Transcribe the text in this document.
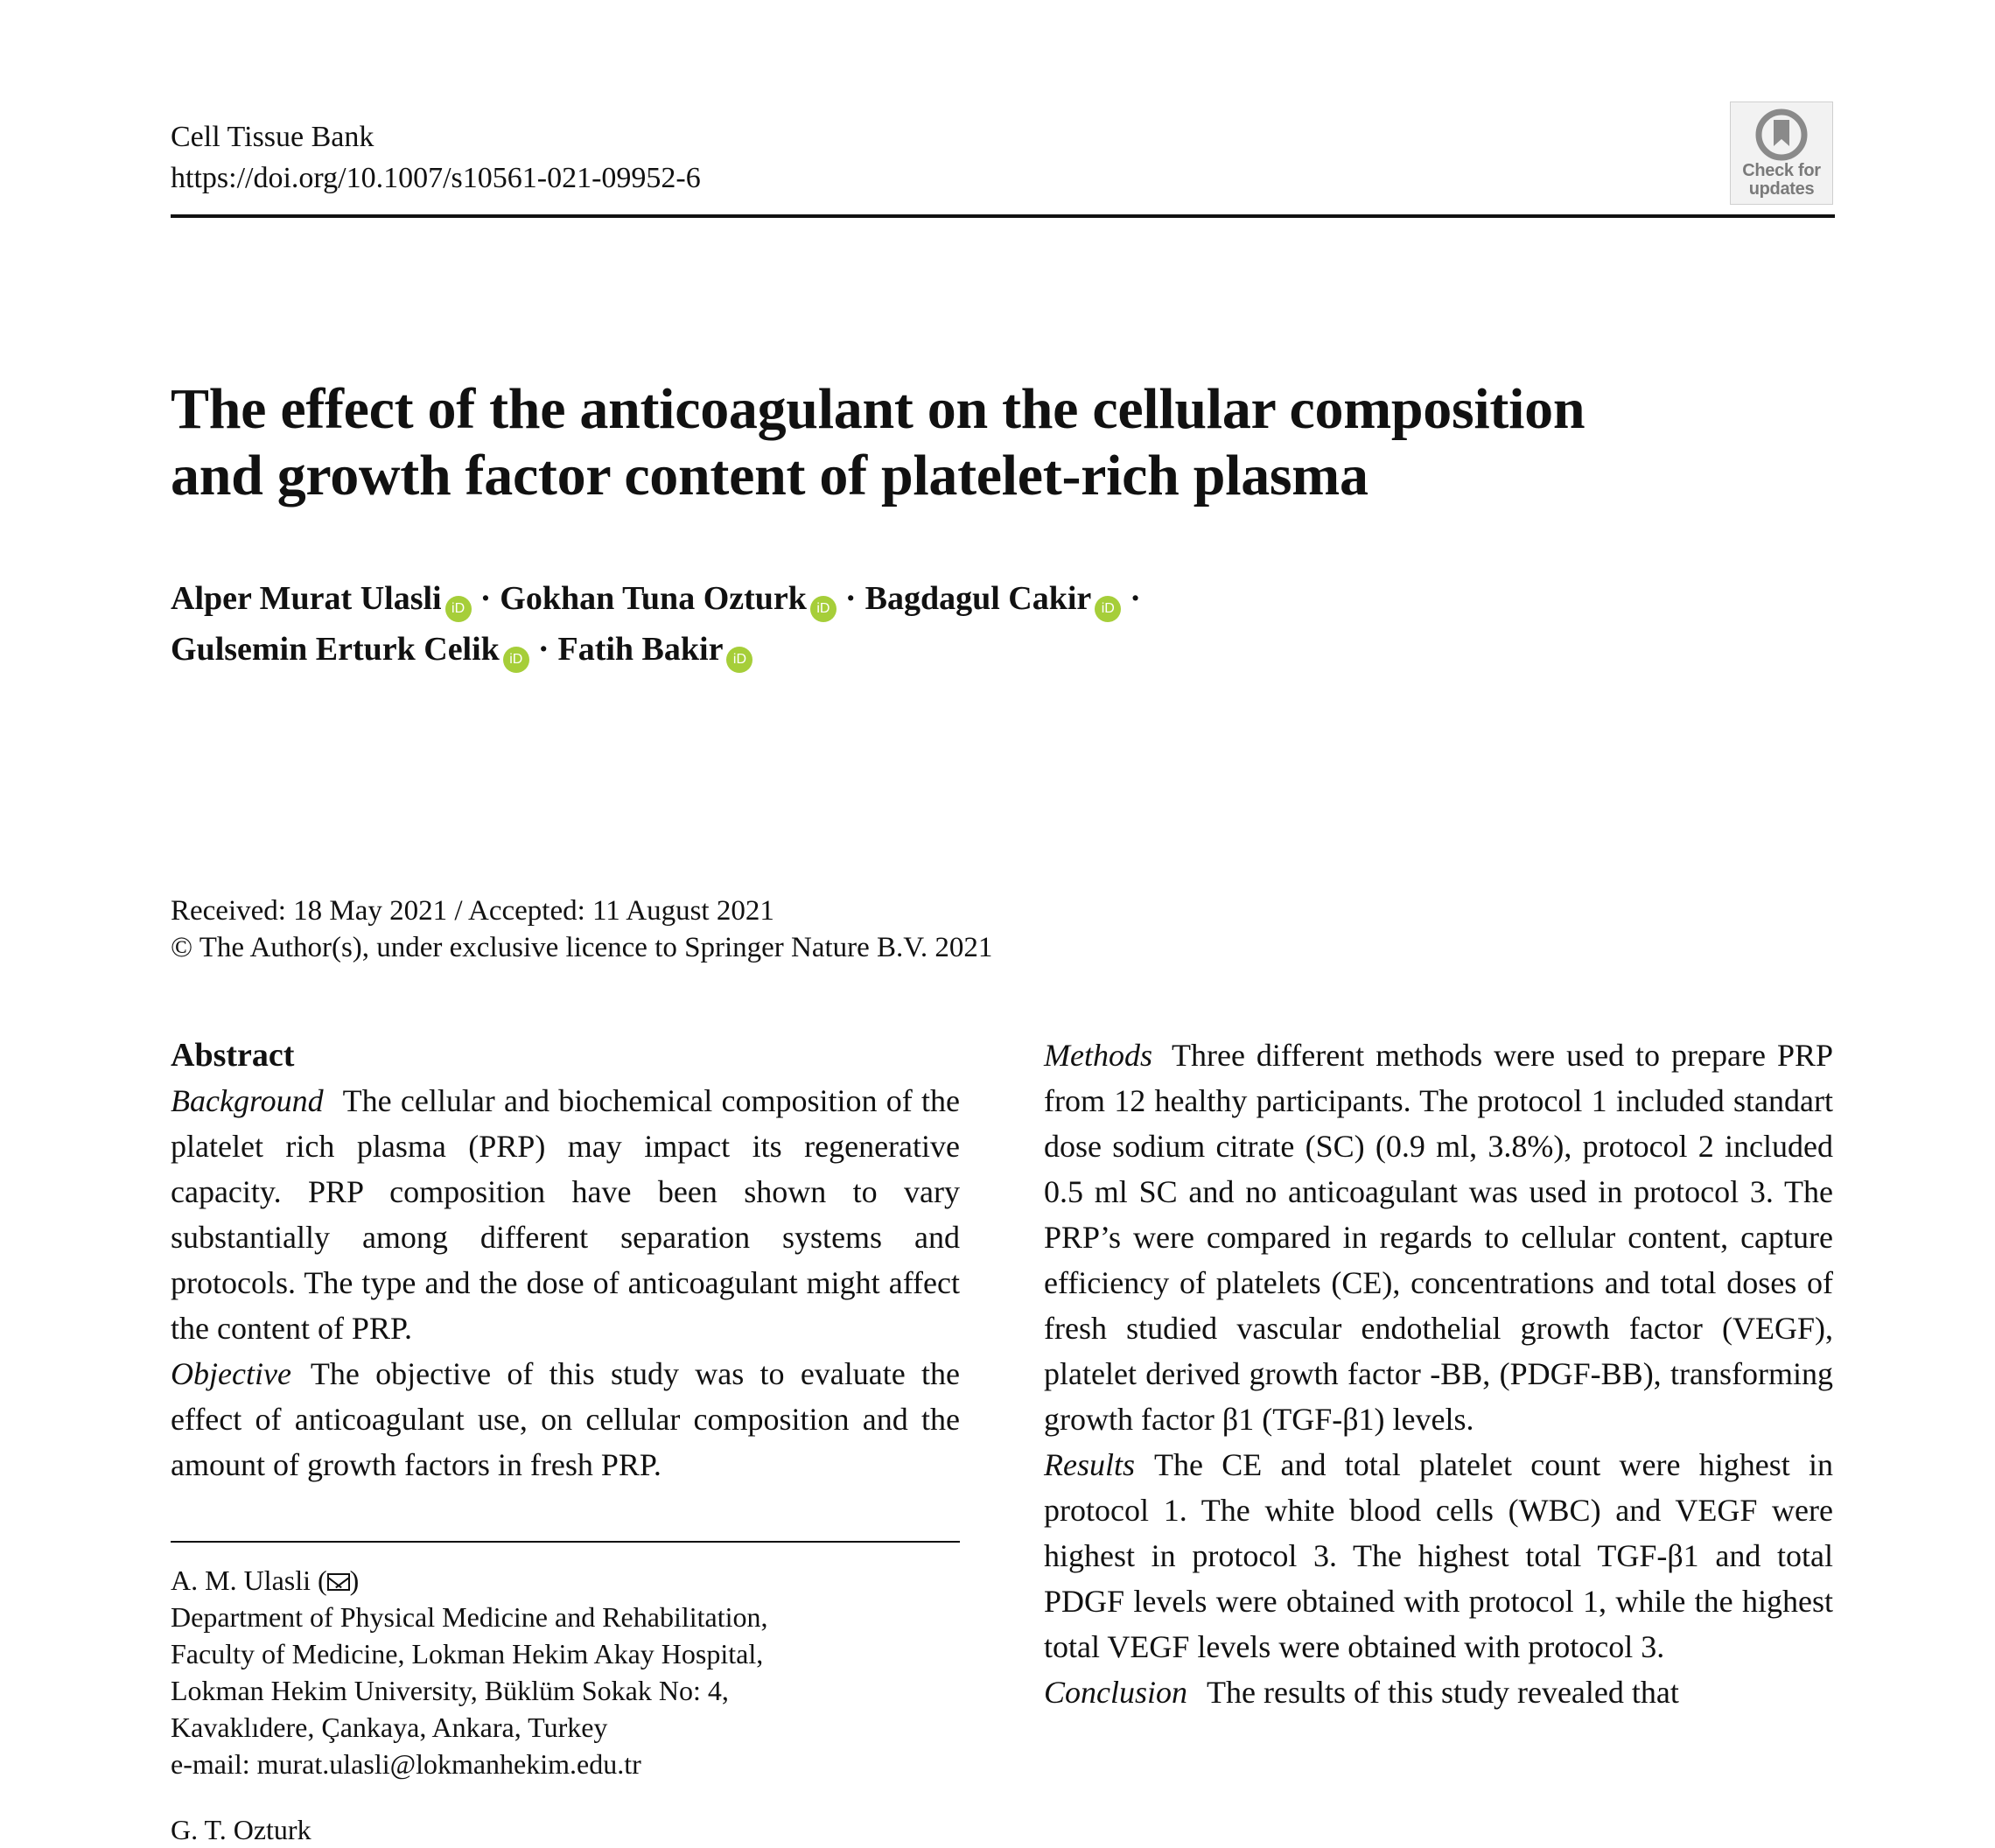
Cell Tissue Bank
https://doi.org/10.1007/s10561-021-09952-6	Check for
updates
The effect of the anticoagulant on the cellular composition
and growth factor content of platelet-rich plasma
Alper Murat Ulasli iD · Gokhan Tuna Ozturk iD · Bagdagul Cakir iD ·
Gulsemin Erturk Celik iD · Fatih Bakir iD
Received: 18 May 2021 / Accepted: 11 August 2021
© The Author(s), under exclusive licence to Springer Nature B.V. 2021
Abstract
Background The cellular and biochemical composition of the platelet rich plasma (PRP) may impact its regenerative capacity. PRP composition have been shown to vary substantially among different separation systems and protocols. The type and the dose of anticoagulant might affect the content of PRP.
Objective The objective of this study was to evaluate the effect of anticoagulant use, on cellular composition and the amount of growth factors in fresh PRP.
A. M. Ulasli ( )
Department of Physical Medicine and Rehabilitation,
Faculty of Medicine, Lokman Hekim Akay Hospital,
Lokman Hekim University, Büklüm Sokak No: 4,
Kavaklıdere, Çankaya, Ankara, Turkey
e-mail: murat.ulasli@lokmanhekim.edu.tr
G. T. Ozturk
Methods Three different methods were used to prepare PRP from 12 healthy participants. The protocol 1 included standart dose sodium citrate (SC) (0.9 ml, 3.8%), protocol 2 included 0.5 ml SC and no anticoagulant was used in protocol 3. The PRP’s were compared in regards to cellular content, capture efficiency of platelets (CE), concentrations and total doses of fresh studied vascular endothelial growth factor (VEGF), platelet derived growth factor -BB, (PDGF-BB), transforming growth factor β1 (TGF-β1) levels.
Results The CE and total platelet count were highest in protocol 1. The white blood cells (WBC) and VEGF were highest in protocol 3. The highest total TGF-β1 and total PDGF levels were obtained with protocol 1, while the highest total VEGF levels were obtained with protocol 3.
Conclusion The results of this study revealed that
